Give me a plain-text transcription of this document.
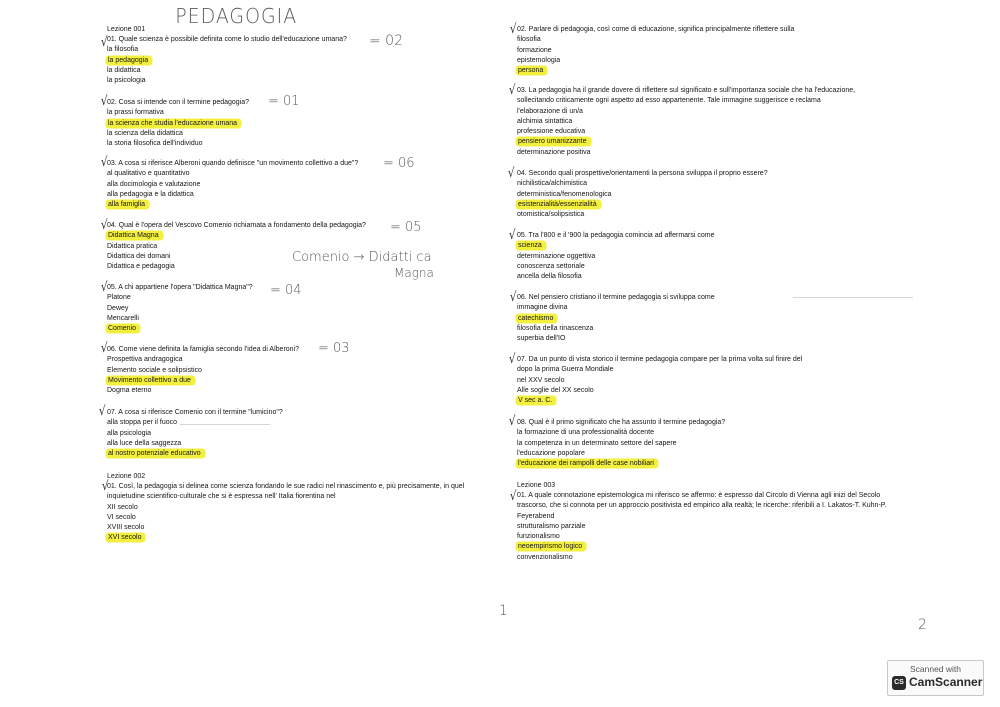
PEDAGOGIA
Lezione 001
01. Quale scienza è possibile definita come lo studio dell'educazione umana?
la filosofia
la pedagogia
la didattica
la psicologia
02. Cosa si intende con il termine pedagogia?
la prassi formativa
la scienza che studia l'educazione umana
la scienza della didattica
la storia filosofica dell'individuo
03. A cosa si riferisce Alberoni quando definisce "un movimento collettivo a due"?
al qualitativo e quantitativo
alla docimologia e valutazione
alla pedagogia e la didattica
alla famiglia
04. Qual è l'opera del Vescovo Comenio richiamata a fondamento della pedagogia?
Didattica Magna
Didattica pratica
Didattica dei domani
Didattica e pedagogia
05. A chi appartiene l'opera "Didattica Magna"?
Platone
Dewey
Mencarelli
Comenio
06. Come viene definita la famiglia secondo l'idea di Alberoni?
Prospettiva andragogica
Elemento sociale e solipsistico
Movimento collettivo a due
Dogma eterno
07. A cosa si riferisce Comenio con il termine "lumicino"?
alla stoppa per il fuoco
alla psicologia
alla luce della saggezza
al nostro potenziale educativo
Lezione 002
01. Così, la pedagogia si delinea come scienza fondando le sue radici nel rinascimento e, più precisamente, in quel inquietudine scientifico-culturale che si è espressa nell' Italia fiorentina nel
XII secolo
VI secolo
XVIII secolo
XVI secolo
02. Parlare di pedagogia, così come di educazione, significa principalmente riflettere sulla
filosofia
formazione
epistemologia
persona
03. La pedagogia ha il grande dovere di riflettere sul significato e sull'importanza sociale che ha l'educazione, sollecitando criticamente ogni aspetto ad esso appartenente. Tale immagine suggerisce e reclama
l'elaborazione di un/a
alchimia sintattica
professione educativa
pensiero umanizzante
determinazione positiva
04. Secondo quali prospettive/orientamenti la persona sviluppa il proprio essere?
nichilistica/alchimistica
deterministica/fenomenologica
esistenzialità/essenzialità
otomistica/solipsistica
05. Tra l'800 e il '900 la pedagogia comincia ad affermarsi come
scienza
determinazione oggettiva
conoscenza settoriale
ancella della filosofia
06. Nel pensiero cristiano il termine pedagogia si sviluppa come
immagine divina
catechismo
filosofia della rinascenza
superbia dell'IO
07. Da un punto di vista storico il termine pedagogia compare per la prima volta sul finire del
dopo la prima Guerra Mondiale
nel XXV secolo
Alle soglie del XX secolo
V sec a. C.
08. Qual è il primo significato che ha assunto il termine pedagogia?
la formazione di una professionalità docente
la competenza in un determinato settore del sapere
l'educazione popolare
l'educazione dei rampolli delle case nobiliari
Lezione 003
01. A quale connotazione epistemologica mi riferisco se affermo: è espresso dal Circolo di Vienna agli inizi del Secolo trascorso, che si connota per un approccio positivista ed empirico alla realtà; le ricerche: riferibili a I. Lakatos-T. Kuhn-P. Feyerabend
strutturalismo parziale
funzionalismo
neoempirismo logico
convenzionalismo
= 02
= 01
= 06
= 05
= 04
= 03
Comenio → Didatti ca
Magna
√
√
√
√
√
√
√
√
√
√
√
√
√
√
√
√
1
2
Scanned with
CS CamScanner
